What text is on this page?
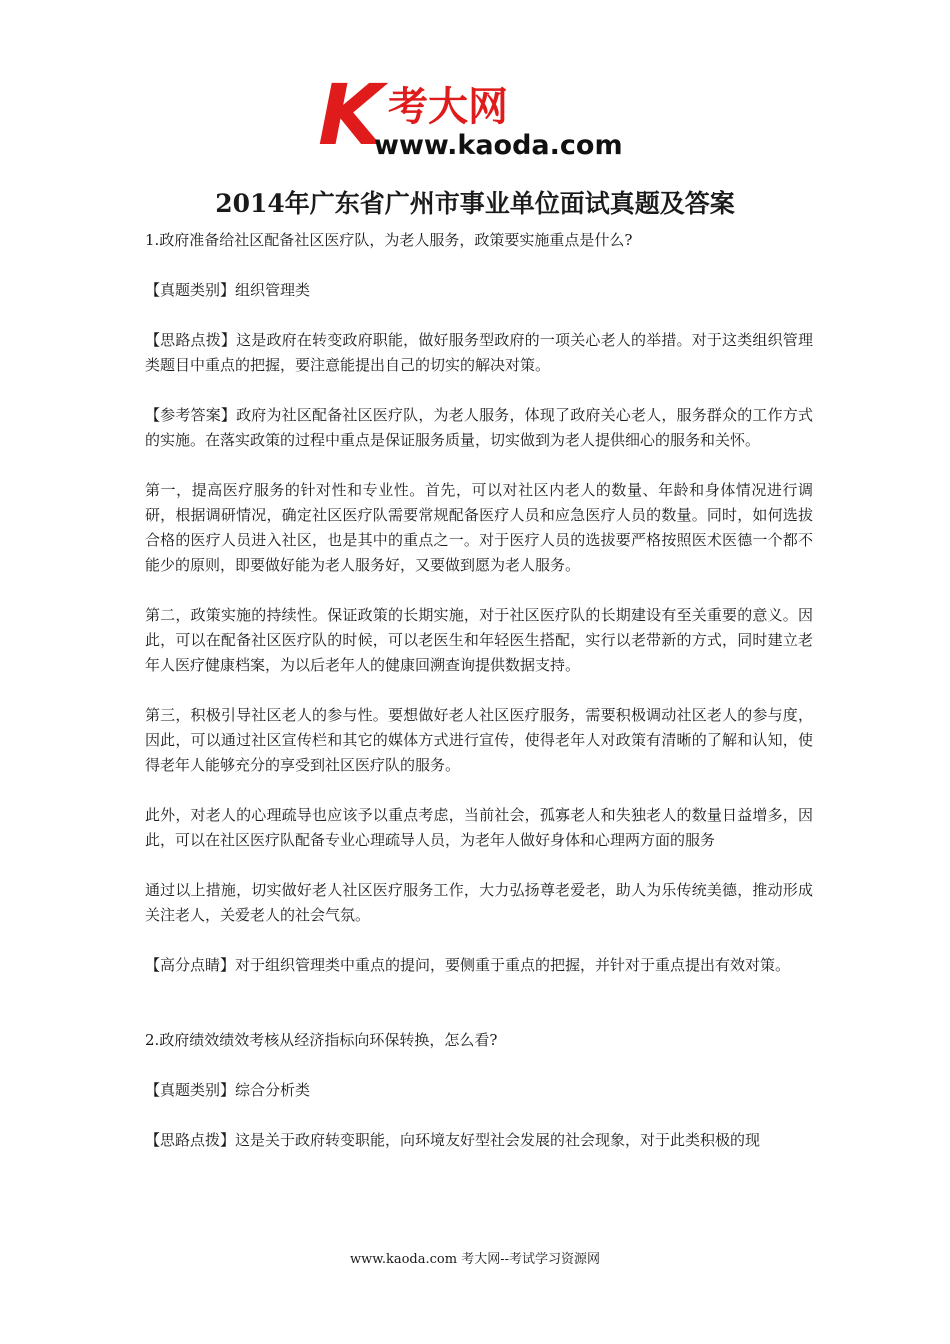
K 考大网
www.kaoda.com
2014年广东省广州市事业单位面试真题及答案

1.政府准备给社区配备社区医疗队，为老人服务，政策要实施重点是什么?

【真题类别】组织管理类

【思路点拨】这是政府在转变政府职能，做好服务型政府的一项关心老人的举措。对于这类组织管理类题目中重点的把握，要注意能提出自己的切实的解决对策。

【参考答案】政府为社区配备社区医疗队，为老人服务，体现了政府关心老人，服务群众的工作方式的实施。在落实政策的过程中重点是保证服务质量，切实做到为老人提供细心的服务和关怀。

第一，提高医疗服务的针对性和专业性。首先，可以对社区内老人的数量、年龄和身体情况进行调研，根据调研情况，确定社区医疗队需要常规配备医疗人员和应急医疗人员的数量。同时，如何选拔合格的医疗人员进入社区，也是其中的重点之一。对于医疗人员的选拔要严格按照医术医德一个都不能少的原则，即要做好能为老人服务好，又要做到愿为老人服务。

第二，政策实施的持续性。保证政策的长期实施，对于社区医疗队的长期建设有至关重要的意义。因此，可以在配备社区医疗队的时候，可以老医生和年轻医生搭配，实行以老带新的方式，同时建立老年人医疗健康档案，为以后老年人的健康回溯查询提供数据支持。

第三，积极引导社区老人的参与性。要想做好老人社区医疗服务，需要积极调动社区老人的参与度，因此，可以通过社区宣传栏和其它的媒体方式进行宣传，使得老年人对政策有清晰的了解和认知，使得老年人能够充分的享受到社区医疗队的服务。

此外，对老人的心理疏导也应该予以重点考虑，当前社会，孤寡老人和失独老人的数量日益增多，因此，可以在社区医疗队配备专业心理疏导人员，为老年人做好身体和心理两方面的服务

通过以上措施，切实做好老人社区医疗服务工作，大力弘扬尊老爱老，助人为乐传统美德，推动形成关注老人，关爱老人的社会气氛。

【高分点睛】对于组织管理类中重点的提问，要侧重于重点的把握，并针对于重点提出有效对策。

2.政府绩效绩效考核从经济指标向环保转换，怎么看?

【真题类别】综合分析类

【思路点拨】这是关于政府转变职能，向环境友好型社会发展的社会现象，对于此类积极的现

www.kaoda.com 考大网--考试学习资源网
